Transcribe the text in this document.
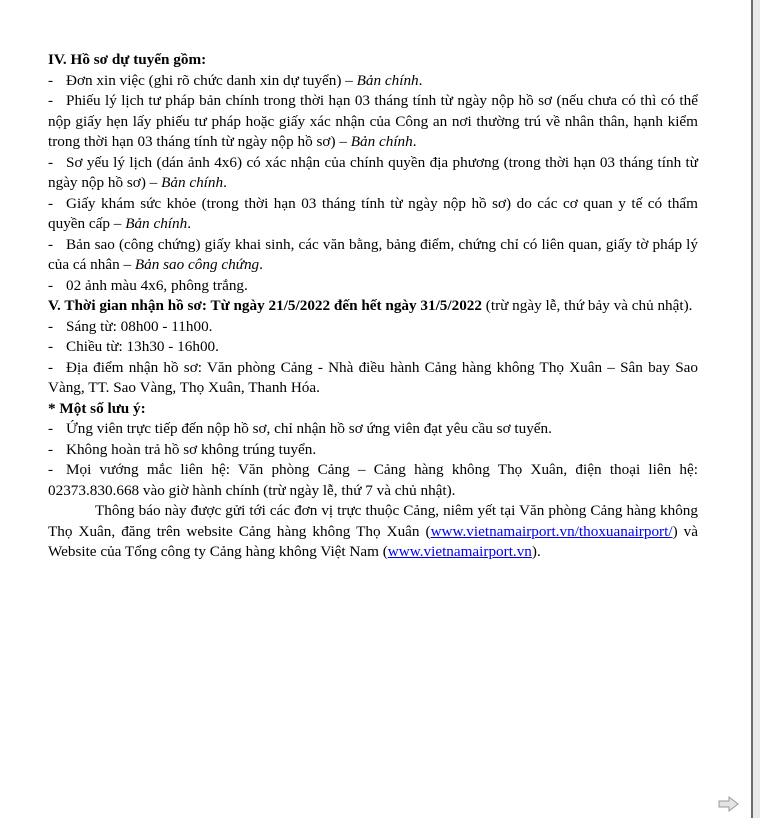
IV. Hồ sơ dự tuyển gồm:

- Đơn xin việc (ghi rõ chức danh xin dự tuyển) – Bản chính.

- Phiếu lý lịch tư pháp bản chính trong thời hạn 03 tháng tính từ ngày nộp hồ sơ (nếu chưa có thì có thể nộp giấy hẹn lấy phiếu tư pháp hoặc giấy xác nhận của Công an nơi thường trú về nhân thân, hạnh kiểm trong thời hạn 03 tháng tính từ ngày nộp hồ sơ) – Bản chính.

- Sơ yếu lý lịch (dán ảnh 4x6) có xác nhận của chính quyền địa phương (trong thời hạn 03 tháng tính từ ngày nộp hồ sơ) – Bản chính.

- Giấy khám sức khỏe (trong thời hạn 03 tháng tính từ ngày nộp hồ sơ) do các cơ quan y tế có thẩm quyền cấp – Bản chính.

- Bản sao (công chứng) giấy khai sinh, các văn bằng, bảng điểm, chứng chỉ có liên quan, giấy tờ pháp lý của cá nhân – Bản sao công chứng.

- 02 ảnh màu 4x6, phông trắng.

V. Thời gian nhận hồ sơ: Từ ngày 21/5/2022 đến hết ngày 31/5/2022 (trừ ngày lễ, thứ bảy và chủ nhật).

- Sáng từ: 08h00 - 11h00.

- Chiều từ: 13h30 - 16h00.

- Địa điểm nhận hồ sơ: Văn phòng Cảng - Nhà điều hành Cảng hàng không Thọ Xuân – Sân bay Sao Vàng, TT. Sao Vàng, Thọ Xuân, Thanh Hóa.

* Một số lưu ý:

- Ứng viên trực tiếp đến nộp hồ sơ, chỉ nhận hồ sơ ứng viên đạt yêu cầu sơ tuyển.

- Không hoàn trả hồ sơ không trúng tuyển.

- Mọi vướng mắc liên hệ: Văn phòng Cảng – Cảng hàng không Thọ Xuân, điện thoại liên hệ: 02373.830.668 vào giờ hành chính (trừ ngày lễ, thứ 7 và chủ nhật).

Thông báo này được gửi tới các đơn vị trực thuộc Cảng, niêm yết tại Văn phòng Cảng hàng không Thọ Xuân, đăng trên website Cảng hàng không Thọ Xuân (www.vietnamairport.vn/thoxuanairport/) và Website của Tổng công ty Cảng hàng không Việt Nam (www.vietnamairport.vn).
